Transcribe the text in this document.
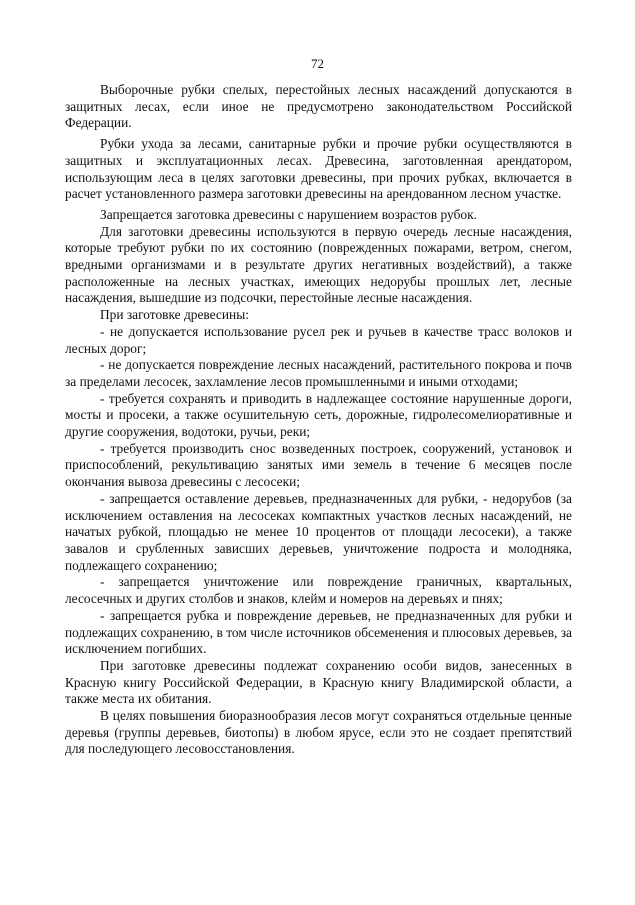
72

Выборочные рубки спелых, перестойных лесных насаждений допускаются в защитных лесах, если иное не предусмотрено законодательством Российской Федерации.

Рубки ухода за лесами, санитарные рубки и прочие рубки осуществляются в защитных и эксплуатационных лесах. Древесина, заготовленная арендатором, использующим леса в целях заготовки древесины, при прочих рубках, включается в расчет установленного размера заготовки древесины на арендованном лесном участке.

Запрещается заготовка древесины с нарушением возрастов рубок.

Для заготовки древесины используются в первую очередь лесные насаждения, которые требуют рубки по их состоянию (поврежденных пожарами, ветром, снегом, вредными организмами и в результате других негативных воздействий), а также расположенные на лесных участках, имеющих недорубы прошлых лет, лесные насаждения, вышедшие из подсочки, перестойные лесные насаждения.

При заготовке древесины:

- не допускается использование русел рек и ручьев в качестве трасс волоков и лесных дорог;

- не допускается повреждение лесных насаждений, растительного покрова и почв за пределами лесосек, захламление лесов промышленными и иными отходами;

- требуется сохранять и приводить в надлежащее состояние нарушенные дороги, мосты и просеки, а также осушительную сеть, дорожные, гидролесомелиоративные и другие сооружения, водотоки, ручьи, реки;

- требуется производить снос возведенных построек, сооружений, установок и приспособлений, рекультивацию занятых ими земель в течение 6 месяцев после окончания вывоза древесины с лесосеки;

- запрещается оставление деревьев, предназначенных для рубки, - недорубов (за исключением оставления на лесосеках компактных участков лесных насаждений, не начатых рубкой, площадью не менее 10 процентов от площади лесосеки), а также завалов и срубленных зависших деревьев, уничтожение подроста и молодняка, подлежащего сохранению;

- запрещается уничтожение или повреждение граничных, квартальных, лесосечных и других столбов и знаков, клейм и номеров на деревьях и пнях;

- запрещается рубка и повреждение деревьев, не предназначенных для рубки и подлежащих сохранению, в том числе источников обсеменения и плюсовых деревьев, за исключением погибших.

При заготовке древесины подлежат сохранению особи видов, занесенных в Красную книгу Российской Федерации, в Красную книгу Владимирской области, а также места их обитания.

В целях повышения биоразнообразия лесов могут сохраняться отдельные ценные деревья (группы деревьев, биотопы) в любом ярусе, если это не создает препятствий для последующего лесовосстановления.
